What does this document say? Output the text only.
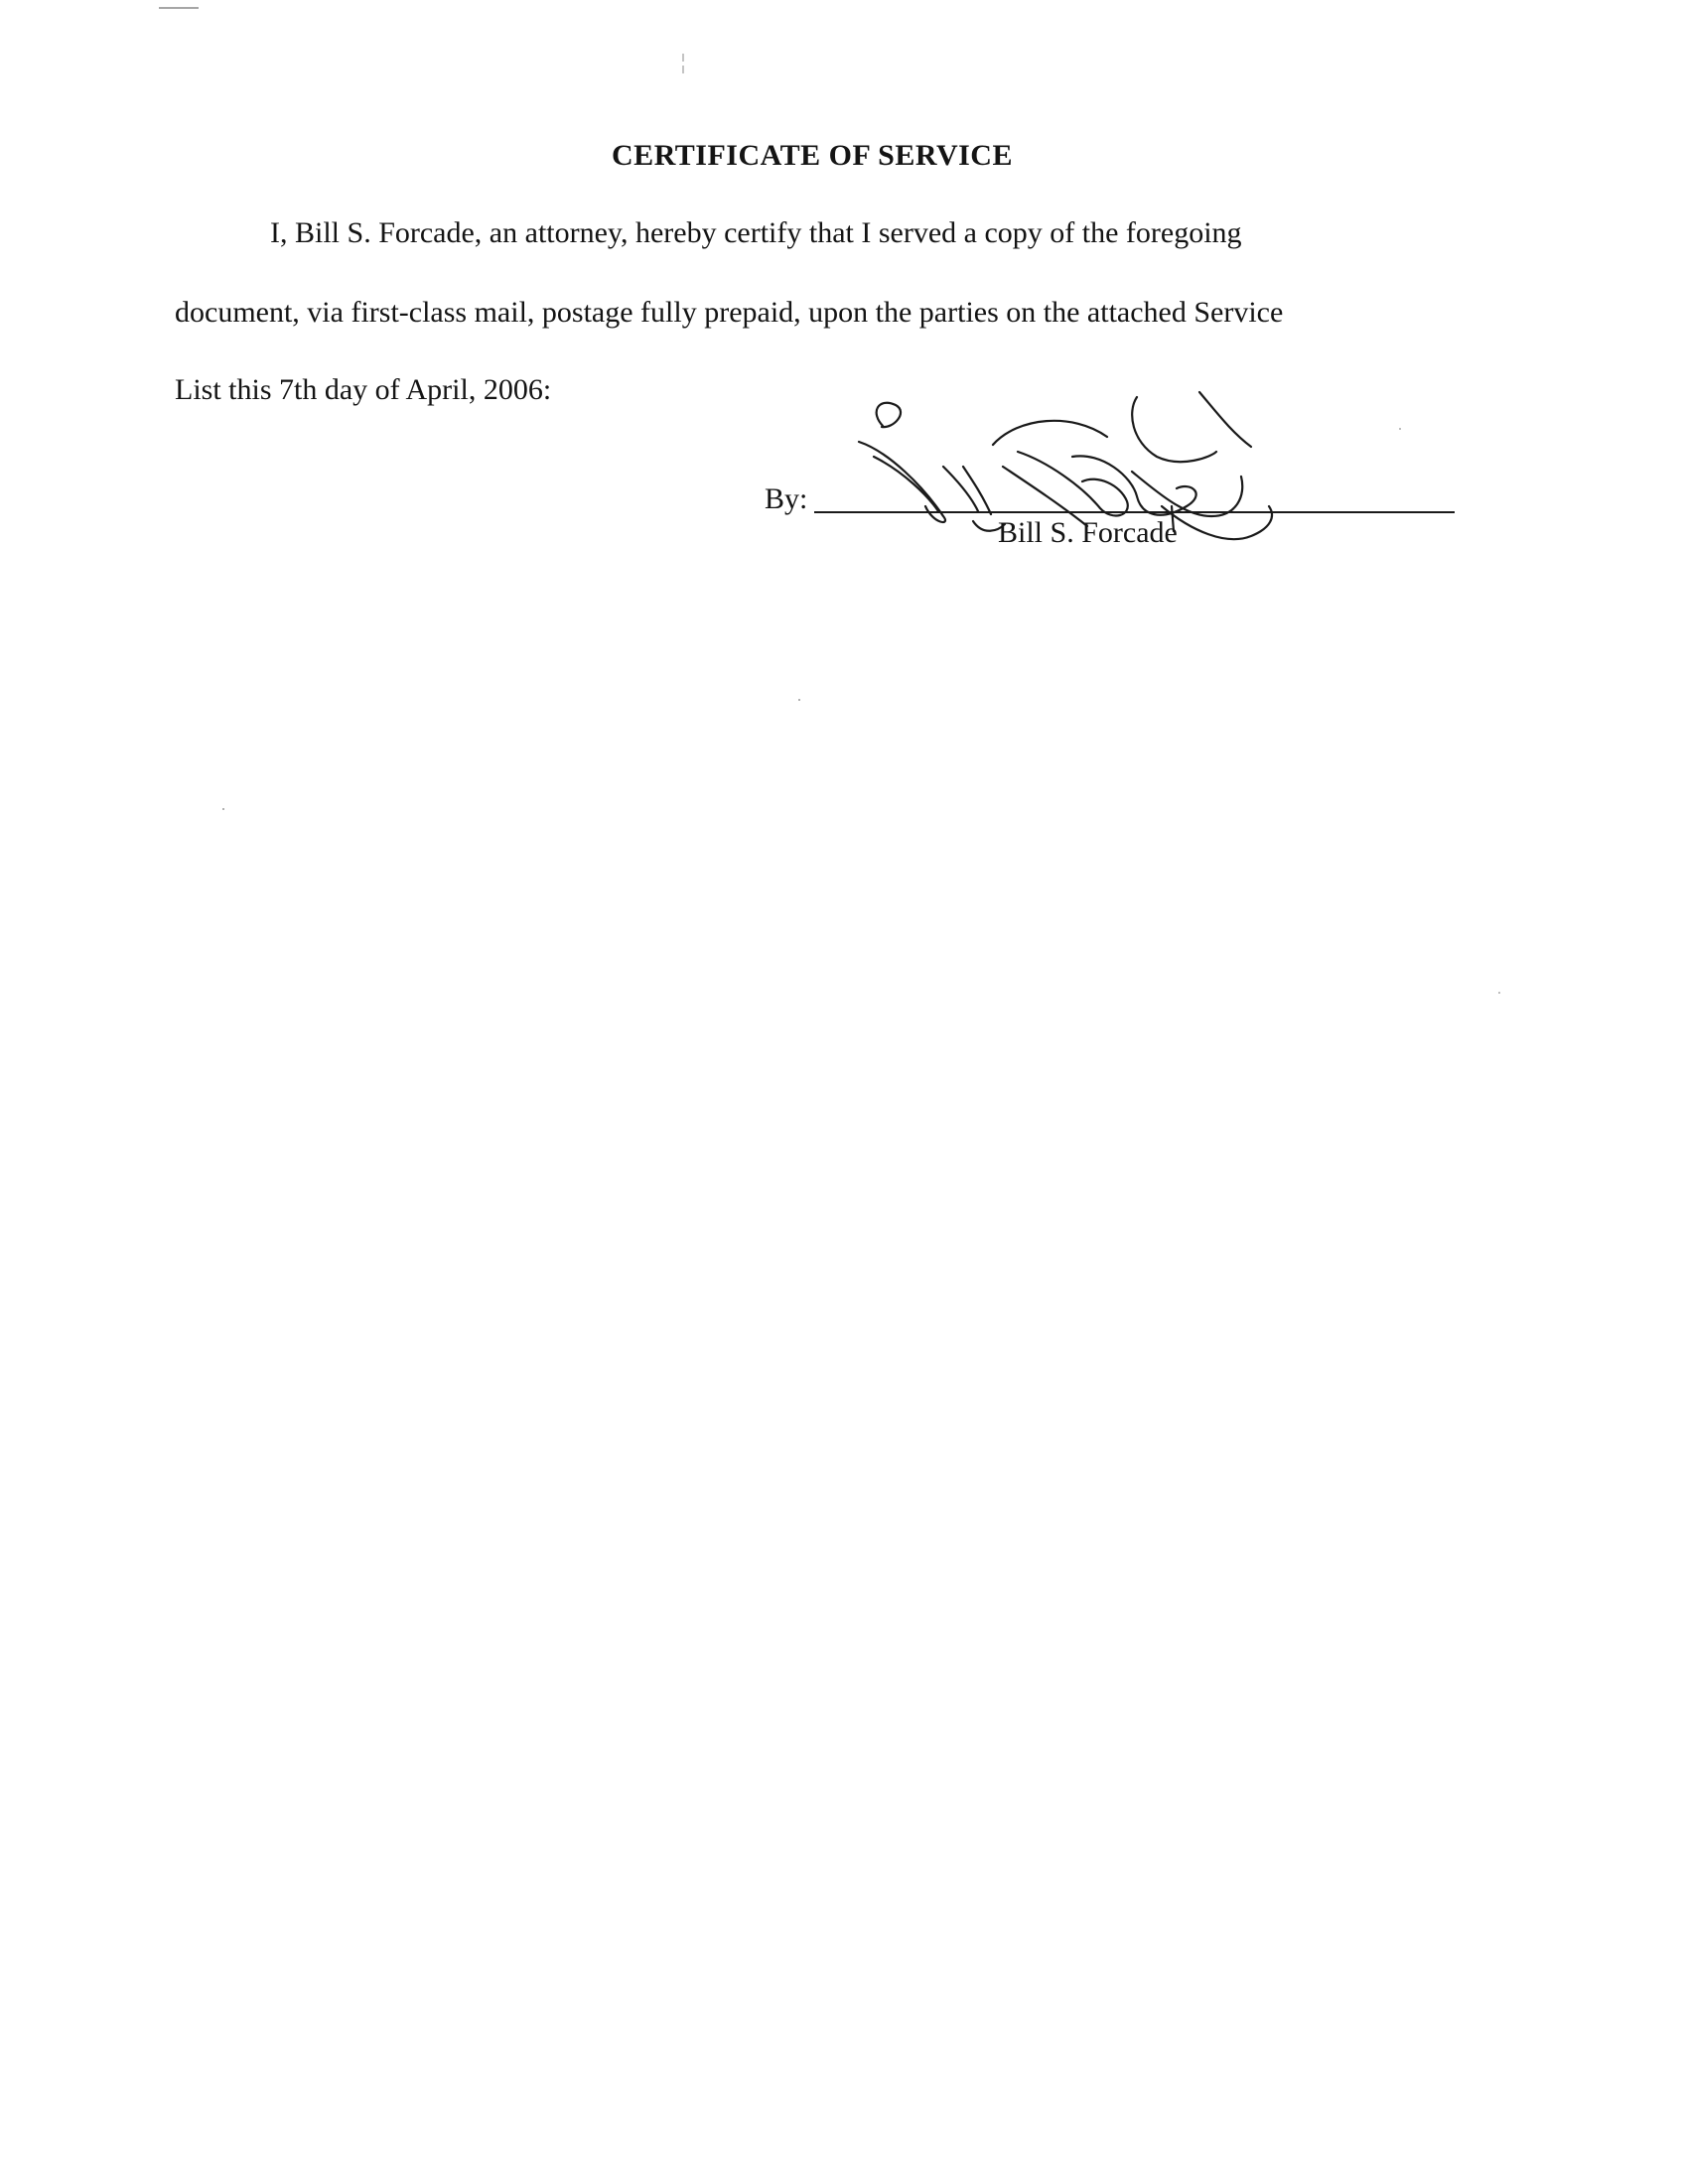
CERTIFICATE OF SERVICE
I, Bill S. Forcade, an attorney, hereby certify that I served a copy of the foregoing
document, via first-class mail, postage fully prepaid, upon the parties on the attached Service
List this 7th day of April, 2006:
By:
Bill S. Forcade
